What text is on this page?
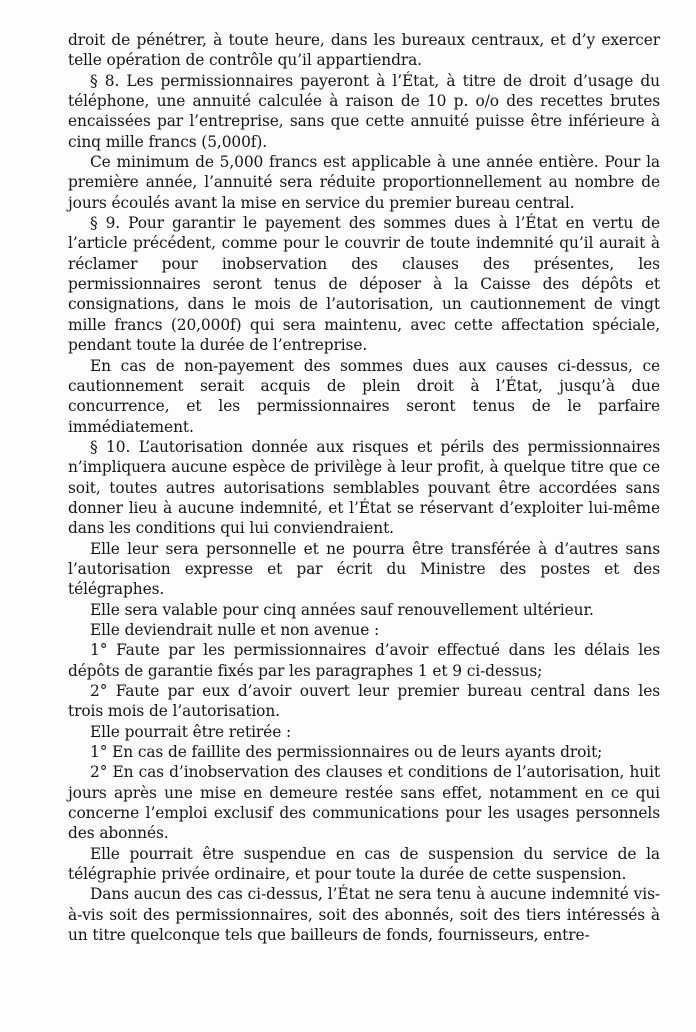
droit de pénétrer, à toute heure, dans les bureaux centraux, et d’y exercer telle opération de contrôle qu’il appartiendra.

§ 8. Les permissionnaires payeront à l’État, à titre de droit d’usage du téléphone, une annuité calculée à raison de 10 p. o/o des recettes brutes encaissées par l’entreprise, sans que cette annuité puisse être inférieure à cinq mille francs (5,000f).

Ce minimum de 5,000 francs est applicable à une année entière. Pour la première année, l’annuité sera réduite proportionnellement au nombre de jours écoulés avant la mise en service du premier bureau central.

§ 9. Pour garantir le payement des sommes dues à l’État en vertu de l’article précédent, comme pour le couvrir de toute indemnité qu’il aurait à réclamer pour inobservation des clauses des présentes, les permissionnaires seront tenus de déposer à la Caisse des dépôts et consignations, dans le mois de l’autorisation, un cautionnement de vingt mille francs (20,000f) qui sera maintenu, avec cette affectation spéciale, pendant toute la durée de l’entreprise.

En cas de non-payement des sommes dues aux causes ci-dessus, ce cautionnement serait acquis de plein droit à l’État, jusqu’à due concurrence, et les permissionnaires seront tenus de le parfaire immédiatement.

§ 10. L’autorisation donnée aux risques et périls des permissionnaires n’impliquera aucune espèce de privilège à leur profit, à quelque titre que ce soit, toutes autres autorisations semblables pouvant être accordées sans donner lieu à aucune indemnité, et l’État se réservant d’exploiter lui-même dans les conditions qui lui conviendraient.

Elle leur sera personnelle et ne pourra être transférée à d’autres sans l’autorisation expresse et par écrit du Ministre des postes et des télégraphes.

Elle sera valable pour cinq années sauf renouvellement ultérieur.

Elle deviendrait nulle et non avenue :

1° Faute par les permissionnaires d’avoir effectué dans les délais les dépôts de garantie fixés par les paragraphes 1 et 9 ci-dessus;

2° Faute par eux d’avoir ouvert leur premier bureau central dans les trois mois de l’autorisation.

Elle pourrait être retirée :

1° En cas de faillite des permissionnaires ou de leurs ayants droit;

2° En cas d’inobservation des clauses et conditions de l’autorisation, huit jours après une mise en demeure restée sans effet, notamment en ce qui concerne l’emploi exclusif des communications pour les usages personnels des abonnés.

Elle pourrait être suspendue en cas de suspension du service de la télégraphie privée ordinaire, et pour toute la durée de cette suspension.

Dans aucun des cas ci-dessus, l’État ne sera tenu à aucune indemnité vis-à-vis soit des permissionnaires, soit des abonnés, soit des tiers intéressés à un titre quelconque tels que bailleurs de fonds, fournisseurs, entre-
